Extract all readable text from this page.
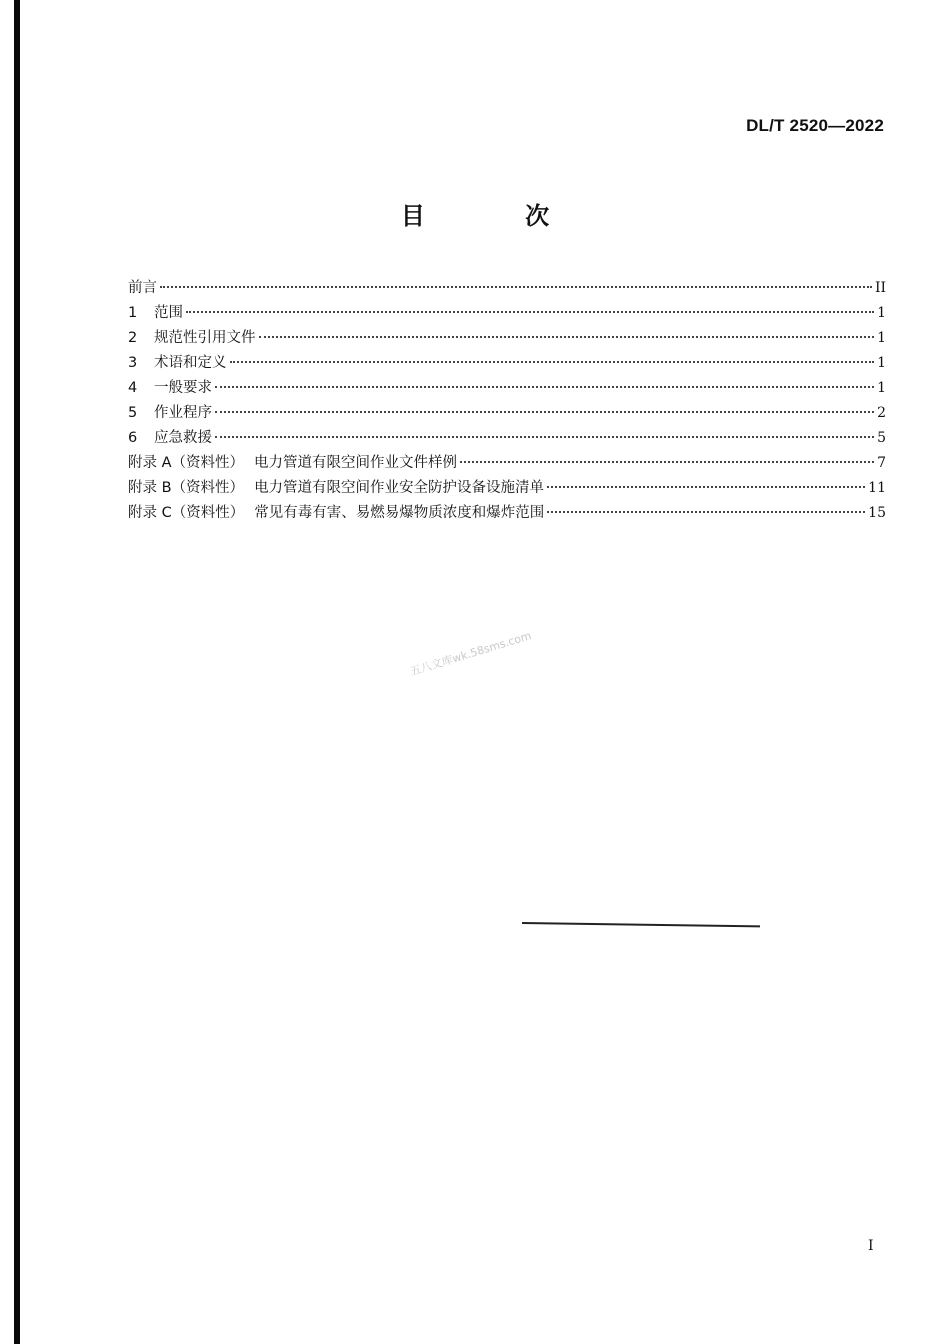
DL/T 2520—2022
目 次
前言	II
1	范围	1
2	规范性引用文件	1
3	术语和定义	1
4	一般要求	1
5	作业程序	2
6	应急救援	5
附录 A（资料性） 电力管道有限空间作业文件样例	7
附录 B（资料性） 电力管道有限空间作业安全防护设备设施清单	11
附录 C（资料性） 常见有毒有害、易燃易爆物质浓度和爆炸范围	15
五八文库wk.58sms.com
I
